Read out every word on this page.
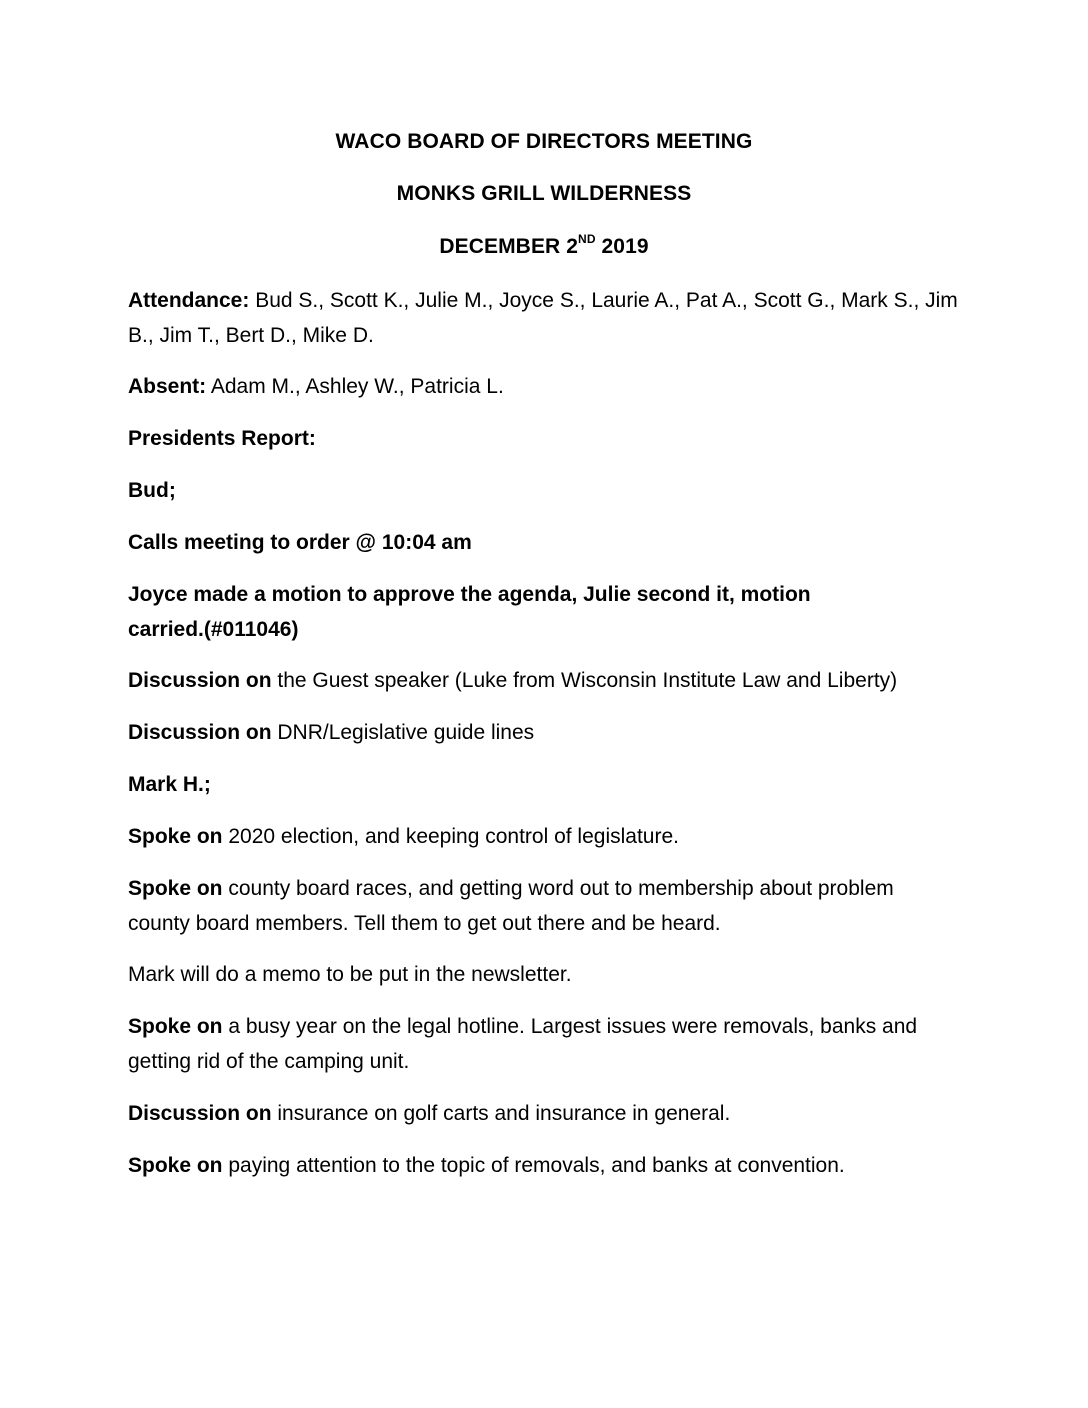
WACO BOARD OF DIRECTORS MEETING
MONKS GRILL WILDERNESS
DECEMBER 2ND 2019
Attendance: Bud S., Scott K., Julie M., Joyce S., Laurie A., Pat A., Scott G., Mark S., Jim B., Jim T., Bert D., Mike D.
Absent: Adam M., Ashley W., Patricia L.
Presidents Report:
Bud;
Calls meeting to order @ 10:04 am
Joyce made a motion to approve the agenda, Julie second it, motion carried.(#011046)
Discussion on the Guest speaker (Luke from Wisconsin Institute Law and Liberty)
Discussion on DNR/Legislative guide lines
Mark H.;
Spoke on 2020 election, and keeping control of legislature.
Spoke on county board races, and getting word out to membership about problem county board members. Tell them to get out there and be heard.
Mark will do a memo to be put in the newsletter.
Spoke on a busy year on the legal hotline. Largest issues were removals, banks and getting rid of the camping unit.
Discussion on insurance on golf carts and insurance in general.
Spoke on paying attention to the topic of removals, and banks at convention.
